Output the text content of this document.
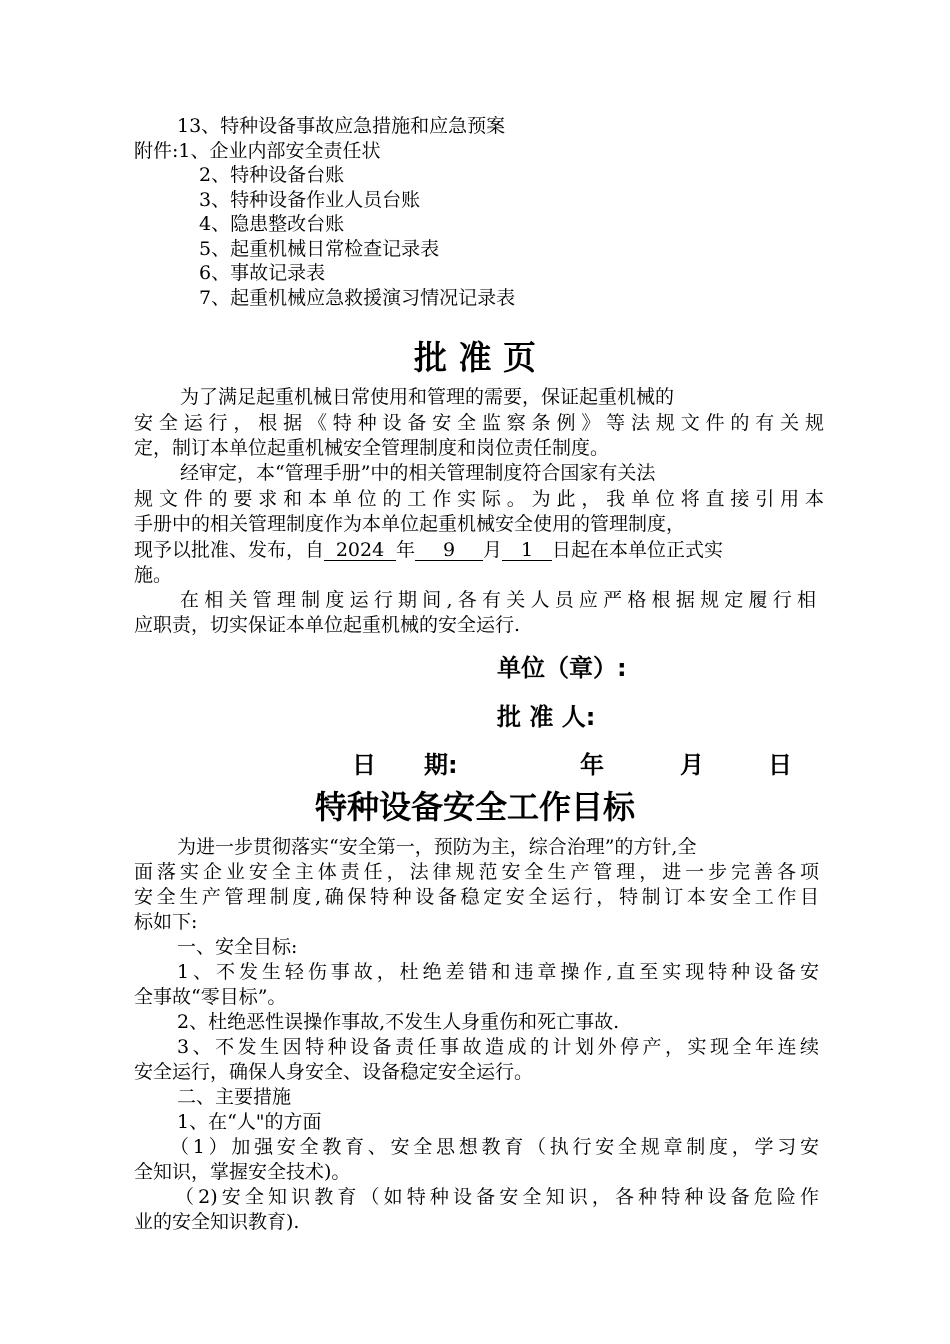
13、特种设备事故应急措施和应急预案
附件:1、企业内部安全责任状
2、特种设备台账
3、特种设备作业人员台账
4、隐患整改台账
5、起重机械日常检查记录表
6、事故记录表
7、起重机械应急救援演习情况记录表
批 准 页
为了满足起重机械日常使用和管理的需要，保证起重机械的
安全运行，根据《特种设备安全监察条例》等法规文件的有关规
定，制订本单位起重机械安全管理制度和岗位责任制度。
经审定，本“管理手册”中的相关管理制度符合国家有关法
规文件的要求和本单位的工作实际。为此，我单位将直接引用本
手册中的相关管理制度作为本单位起重机械安全使用的管理制度，
现予以批准、发布，自 2024 年 9 月 1 日起在本单位正式实
施。
在相关管理制度运行期间,各有关人员应严格根据规定履行相
应职责，切实保证本单位起重机械的安全运行.
单位（章）:
批 准 人:
日　　期:	年	月	日
特种设备安全工作目标
为进一步贯彻落实“安全第一，预防为主，综合治理”的方针,全
面落实企业安全主体责任，法律规范安全生产管理，进一步完善各项
安全生产管理制度,确保特种设备稳定安全运行，特制订本安全工作目
标如下:
一、安全目标:
1、不发生轻伤事故，杜绝差错和违章操作,直至实现特种设备安
全事故“零目标”。
2、杜绝恶性误操作事故,不发生人身重伤和死亡事故.
3、不发生因特种设备责任事故造成的计划外停产，实现全年连续
安全运行，确保人身安全、设备稳定安全运行。
二、主要措施
1、在“人"的方面
（1）加强安全教育、安全思想教育（执行安全规章制度，学习安
全知识，掌握安全技术)。
（2)安全知识教育（如特种设备安全知识，各种特种设备危险作
业的安全知识教育).
